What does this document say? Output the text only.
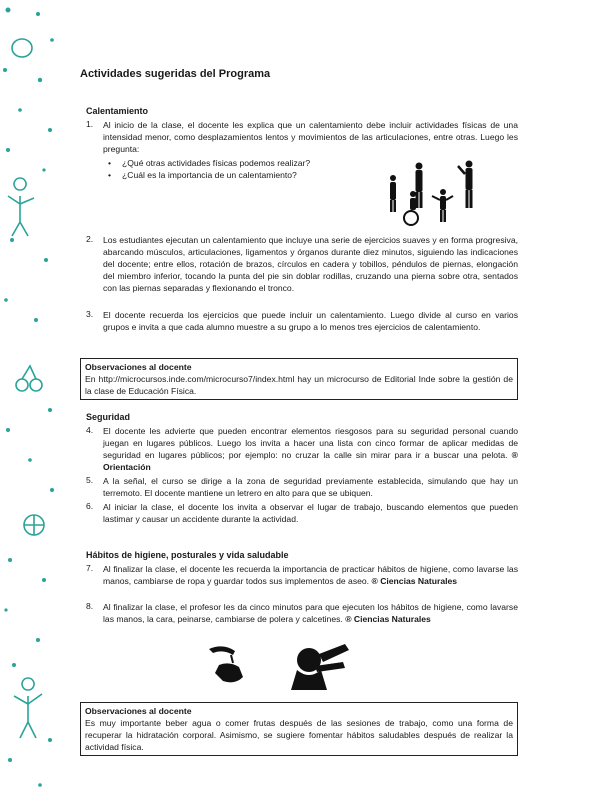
Actividades sugeridas del Programa
Calentamiento
1. Al inicio de la clase, el docente les explica que un calentamiento debe incluir actividades físicas de una intensidad menor, como desplazamientos lentos y movimientos de las articulaciones, entre otras. Luego les pregunta:
• ¿Qué otras actividades físicas podemos realizar?
• ¿Cuál es la importancia de un calentamiento?
2. Los estudiantes ejecutan un calentamiento que incluye una serie de ejercicios suaves y en forma progresiva, abarcando músculos, articulaciones, ligamentos y órganos durante diez minutos, siguiendo las indicaciones del docente; entre ellos, rotación de brazos, círculos en cadera y tobillos, péndulos de piernas, elongación del miembro inferior, tocando la punta del pie sin doblar rodillas, cruzando una pierna sobre otra, sentados con las piernas separadas y flexionando el tronco.
3. El docente recuerda los ejercicios que puede incluir un calentamiento. Luego divide al curso en varios grupos e invita a que cada alumno muestre a su grupo a lo menos tres ejercicios de calentamiento.
Observaciones al docente
En http://microcursos.inde.com/microcurso7/index.html hay un microcurso de Editorial Inde sobre la gestión de la clase de Educación Física.
Seguridad
4. El docente les advierte que pueden encontrar elementos riesgosos para su seguridad personal cuando juegan en lugares públicos. Luego los invita a hacer una lista con cinco formar de aplicar medidas de seguridad en lugares públicos; por ejemplo: no cruzar la calle sin mirar para ir a buscar una pelota. ® Orientación
5. A la señal, el curso se dirige a la zona de seguridad previamente establecida, simulando que hay un terremoto. El docente mantiene un letrero en alto para que se ubiquen.
6. Al iniciar la clase, el docente los invita a observar el lugar de trabajo, buscando elementos que pueden lastimar y causar un accidente durante la actividad.
Hábitos de higiene, posturales y vida saludable
7. Al finalizar la clase, el docente les recuerda la importancia de practicar hábitos de higiene, como lavarse las manos, cambiarse de ropa y guardar todos sus implementos de aseo. ® Ciencias Naturales
8. Al finalizar la clase, el profesor les da cinco minutos para que ejecuten los hábitos de higiene, como lavarse las manos, la cara, peinarse, cambiarse de polera y calcetines. ® Ciencias Naturales
Observaciones al docente
Es muy importante beber agua o comer frutas después de las sesiones de trabajo, como una forma de recuperar la hidratación corporal. Asimismo, se sugiere fomentar hábitos saludables después de realizar la actividad física.
